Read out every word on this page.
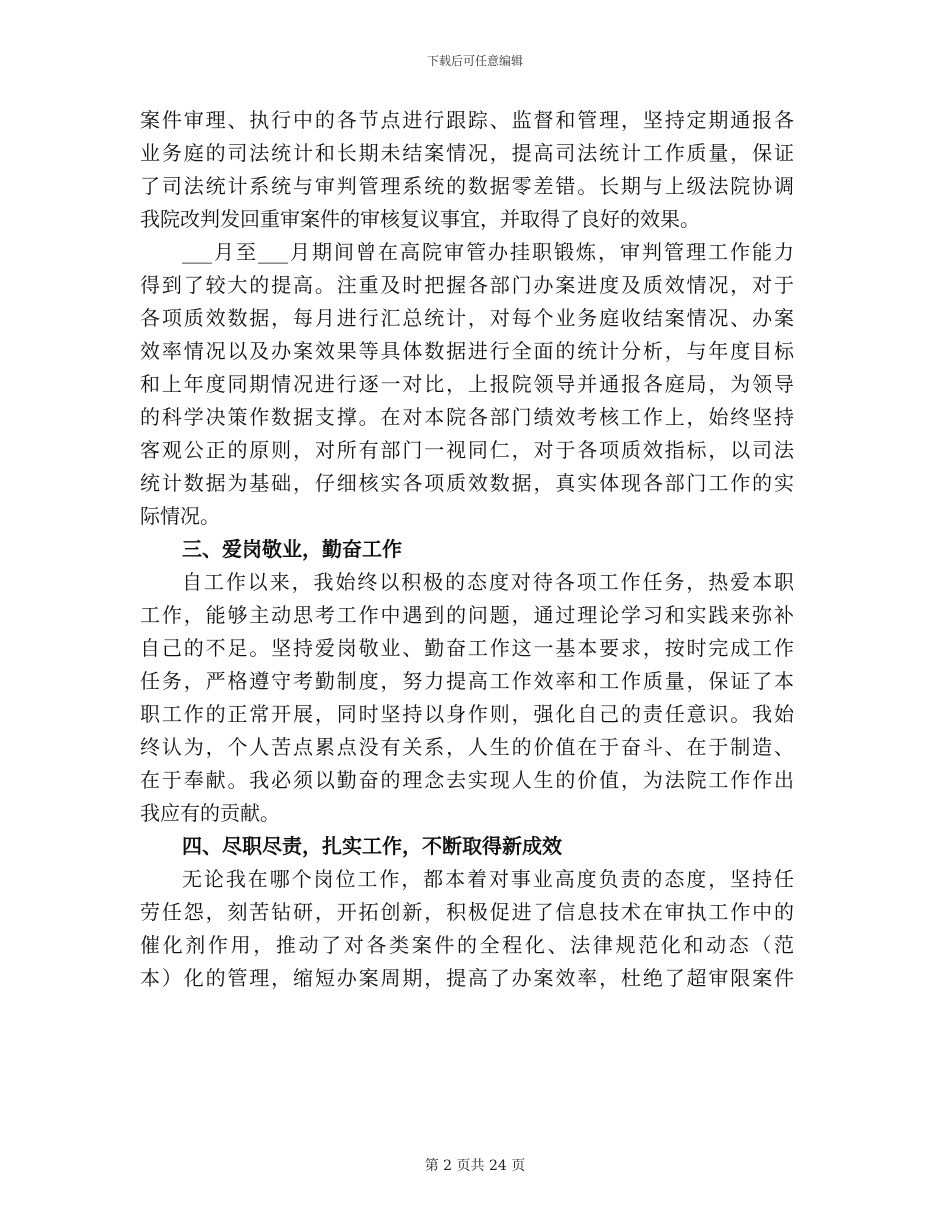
下载后可任意编辑
案件审理、执行中的各节点进行跟踪、监督和管理，坚持定期通报各
业务庭的司法统计和长期未结案情况，提高司法统计工作质量，保证
了司法统计系统与审判管理系统的数据零差错。长期与上级法院协调
我院改判发回重审案件的审核复议事宜，并取得了良好的效果。
___月至___月期间曾在高院审管办挂职锻炼，审判管理工作能力
得到了较大的提高。注重及时把握各部门办案进度及质效情况，对于
各项质效数据，每月进行汇总统计，对每个业务庭收结案情况、办案
效率情况以及办案效果等具体数据进行全面的统计分析，与年度目标
和上年度同期情况进行逐一对比，上报院领导并通报各庭局，为领导
的科学决策作数据支撑。在对本院各部门绩效考核工作上，始终坚持
客观公正的原则，对所有部门一视同仁，对于各项质效指标，以司法
统计数据为基础，仔细核实各项质效数据，真实体现各部门工作的实
际情况。
三、爱岗敬业，勤奋工作
自工作以来，我始终以积极的态度对待各项工作任务，热爱本职
工作，能够主动思考工作中遇到的问题，通过理论学习和实践来弥补
自己的不足。坚持爱岗敬业、勤奋工作这一基本要求，按时完成工作
任务，严格遵守考勤制度，努力提高工作效率和工作质量，保证了本
职工作的正常开展，同时坚持以身作则，强化自己的责任意识。我始
终认为，个人苦点累点没有关系，人生的价值在于奋斗、在于制造、
在于奉献。我必须以勤奋的理念去实现人生的价值，为法院工作作出
我应有的贡献。
四、尽职尽责，扎实工作，不断取得新成效
无论我在哪个岗位工作，都本着对事业高度负责的态度，坚持任
劳任怨，刻苦钻研，开拓创新，积极促进了信息技术在审执工作中的
催化剂作用，推动了对各类案件的全程化、法律规范化和动态（范
本）化的管理，缩短办案周期，提高了办案效率，杜绝了超审限案件
第 2 页共 24 页
